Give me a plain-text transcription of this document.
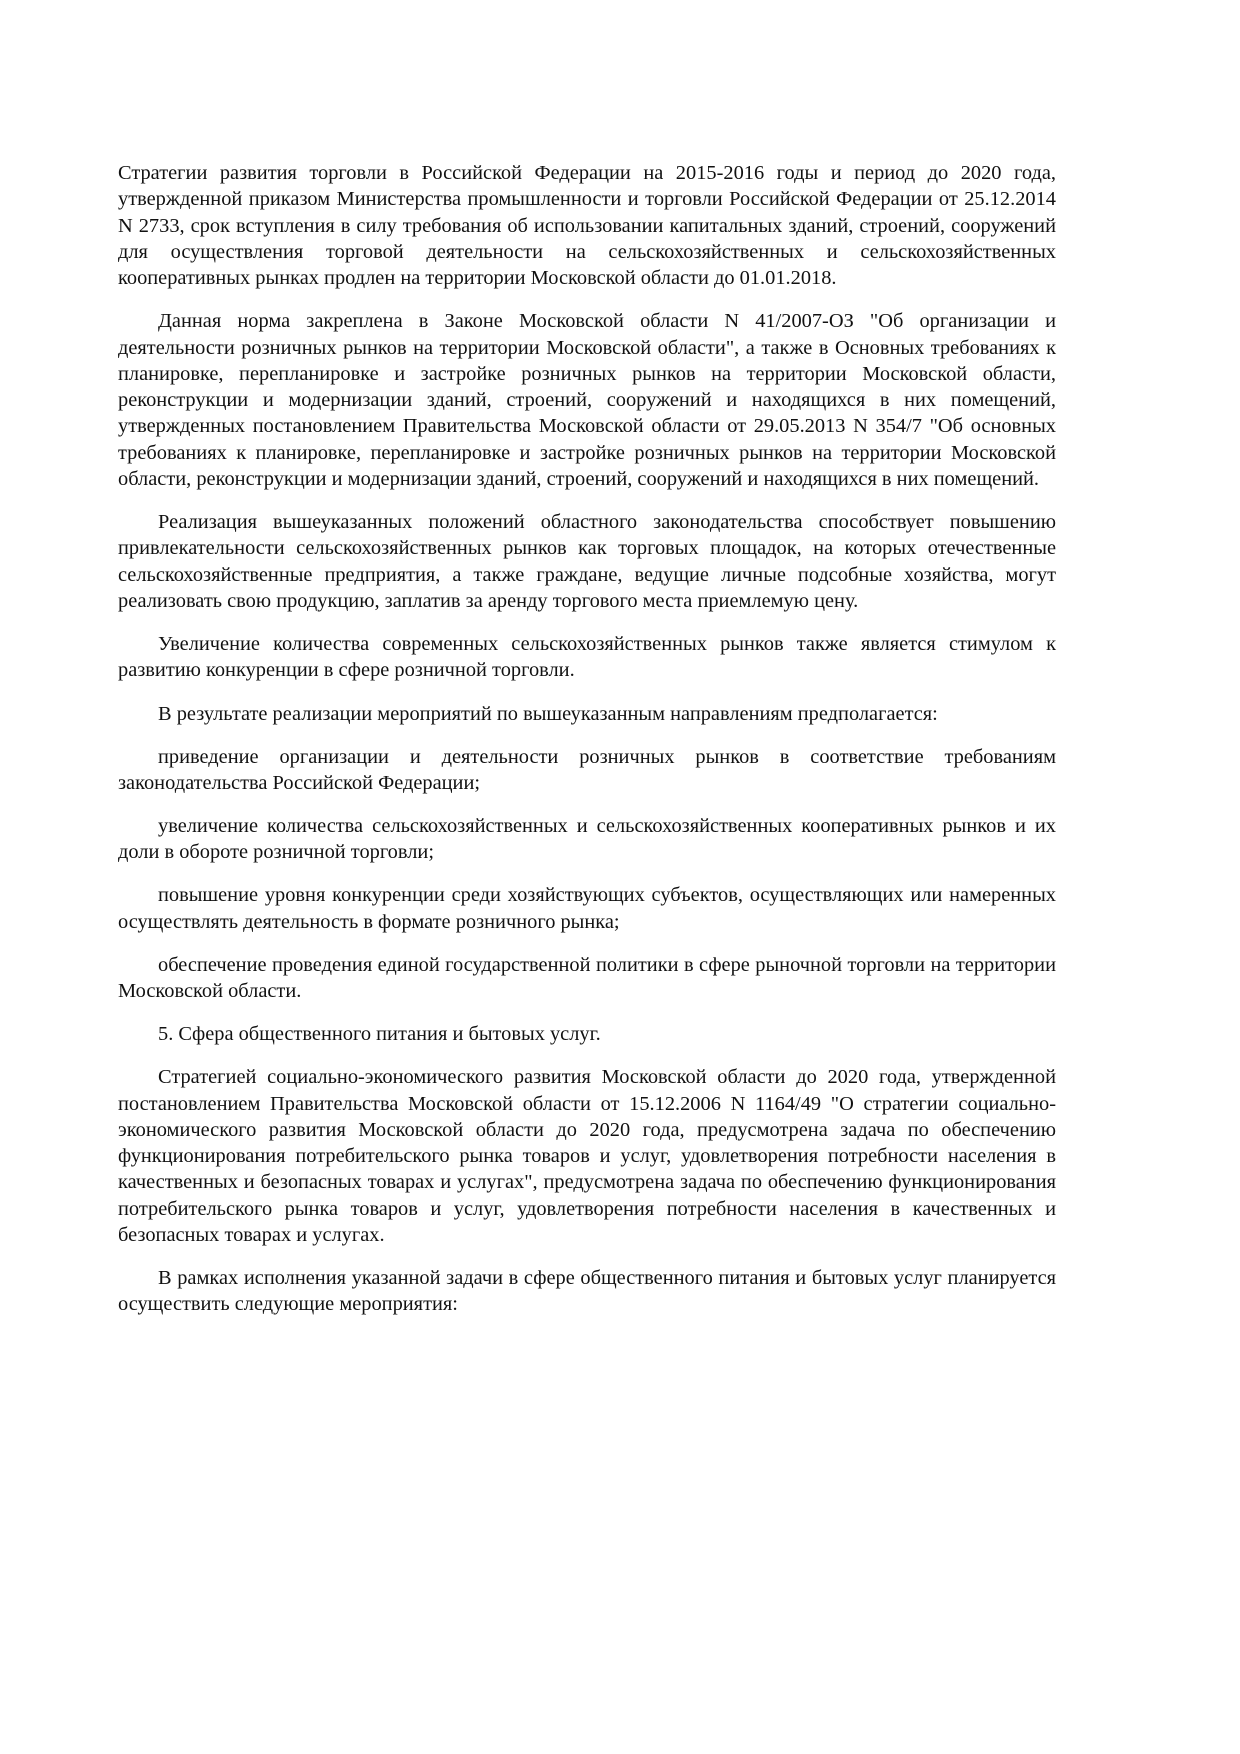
Стратегии развития торговли в Российской Федерации на 2015-2016 годы и период до 2020 года, утвержденной приказом Министерства промышленности и торговли Российской Федерации от 25.12.2014 N 2733, срок вступления в силу требования об использовании капитальных зданий, строений, сооружений для осуществления торговой деятельности на сельскохозяйственных и сельскохозяйственных кооперативных рынках продлен на территории Московской области до 01.01.2018.

Данная норма закреплена в Законе Московской области N 41/2007-ОЗ "Об организации и деятельности розничных рынков на территории Московской области", а также в Основных требованиях к планировке, перепланировке и застройке розничных рынков на территории Московской области, реконструкции и модернизации зданий, строений, сооружений и находящихся в них помещений, утвержденных постановлением Правительства Московской области от 29.05.2013 N 354/7 "Об основных требованиях к планировке, перепланировке и застройке розничных рынков на территории Московской области, реконструкции и модернизации зданий, строений, сооружений и находящихся в них помещений.

Реализация вышеуказанных положений областного законодательства способствует повышению привлекательности сельскохозяйственных рынков как торговых площадок, на которых отечественные сельскохозяйственные предприятия, а также граждане, ведущие личные подсобные хозяйства, могут реализовать свою продукцию, заплатив за аренду торгового места приемлемую цену.

Увеличение количества современных сельскохозяйственных рынков также является стимулом к развитию конкуренции в сфере розничной торговли.

В результате реализации мероприятий по вышеуказанным направлениям предполагается:

приведение организации и деятельности розничных рынков в соответствие требованиям законодательства Российской Федерации;

увеличение количества сельскохозяйственных и сельскохозяйственных кооперативных рынков и их доли в обороте розничной торговли;

повышение уровня конкуренции среди хозяйствующих субъектов, осуществляющих или намеренных осуществлять деятельность в формате розничного рынка;

обеспечение проведения единой государственной политики в сфере рыночной торговли на территории Московской области.

5. Сфера общественного питания и бытовых услуг.

Стратегией социально-экономического развития Московской области до 2020 года, утвержденной постановлением Правительства Московской области от 15.12.2006 N 1164/49 "О стратегии социально-экономического развития Московской области до 2020 года, предусмотрена задача по обеспечению функционирования потребительского рынка товаров и услуг, удовлетворения потребности населения в качественных и безопасных товарах и услугах", предусмотрена задача по обеспечению функционирования потребительского рынка товаров и услуг, удовлетворения потребности населения в качественных и безопасных товарах и услугах.

В рамках исполнения указанной задачи в сфере общественного питания и бытовых услуг планируется осуществить следующие мероприятия:
